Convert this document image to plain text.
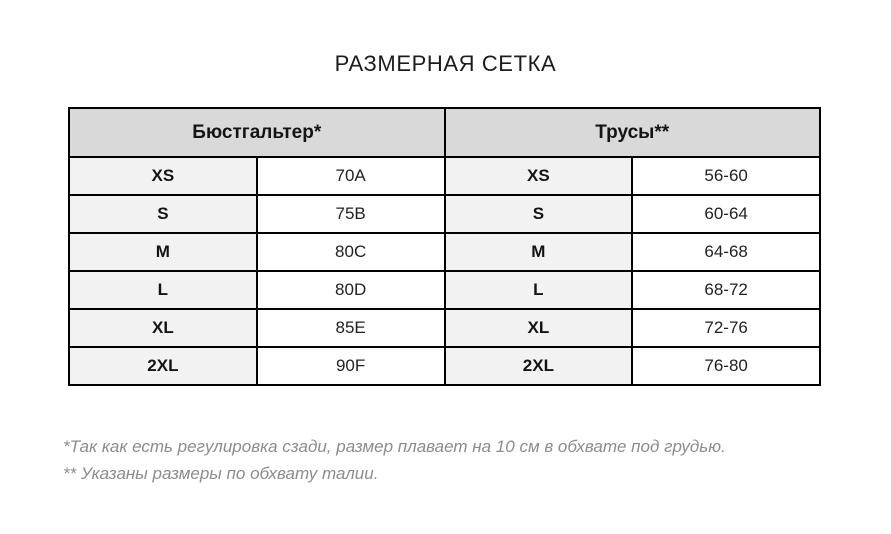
РАЗМЕРНАЯ СЕТКА
Бюстгальтер*		Трусы**	
XS	70A	XS	56-60
S	75B	S	60-64
M	80C	M	64-68
L	80D	L	68-72
XL	85E	XL	72-76
2XL	90F	2XL	76-80

*Так как есть регулировка сзади, размер плавает на 10 см в обхвате под грудью.

** Указаны размеры по обхвату талии.
